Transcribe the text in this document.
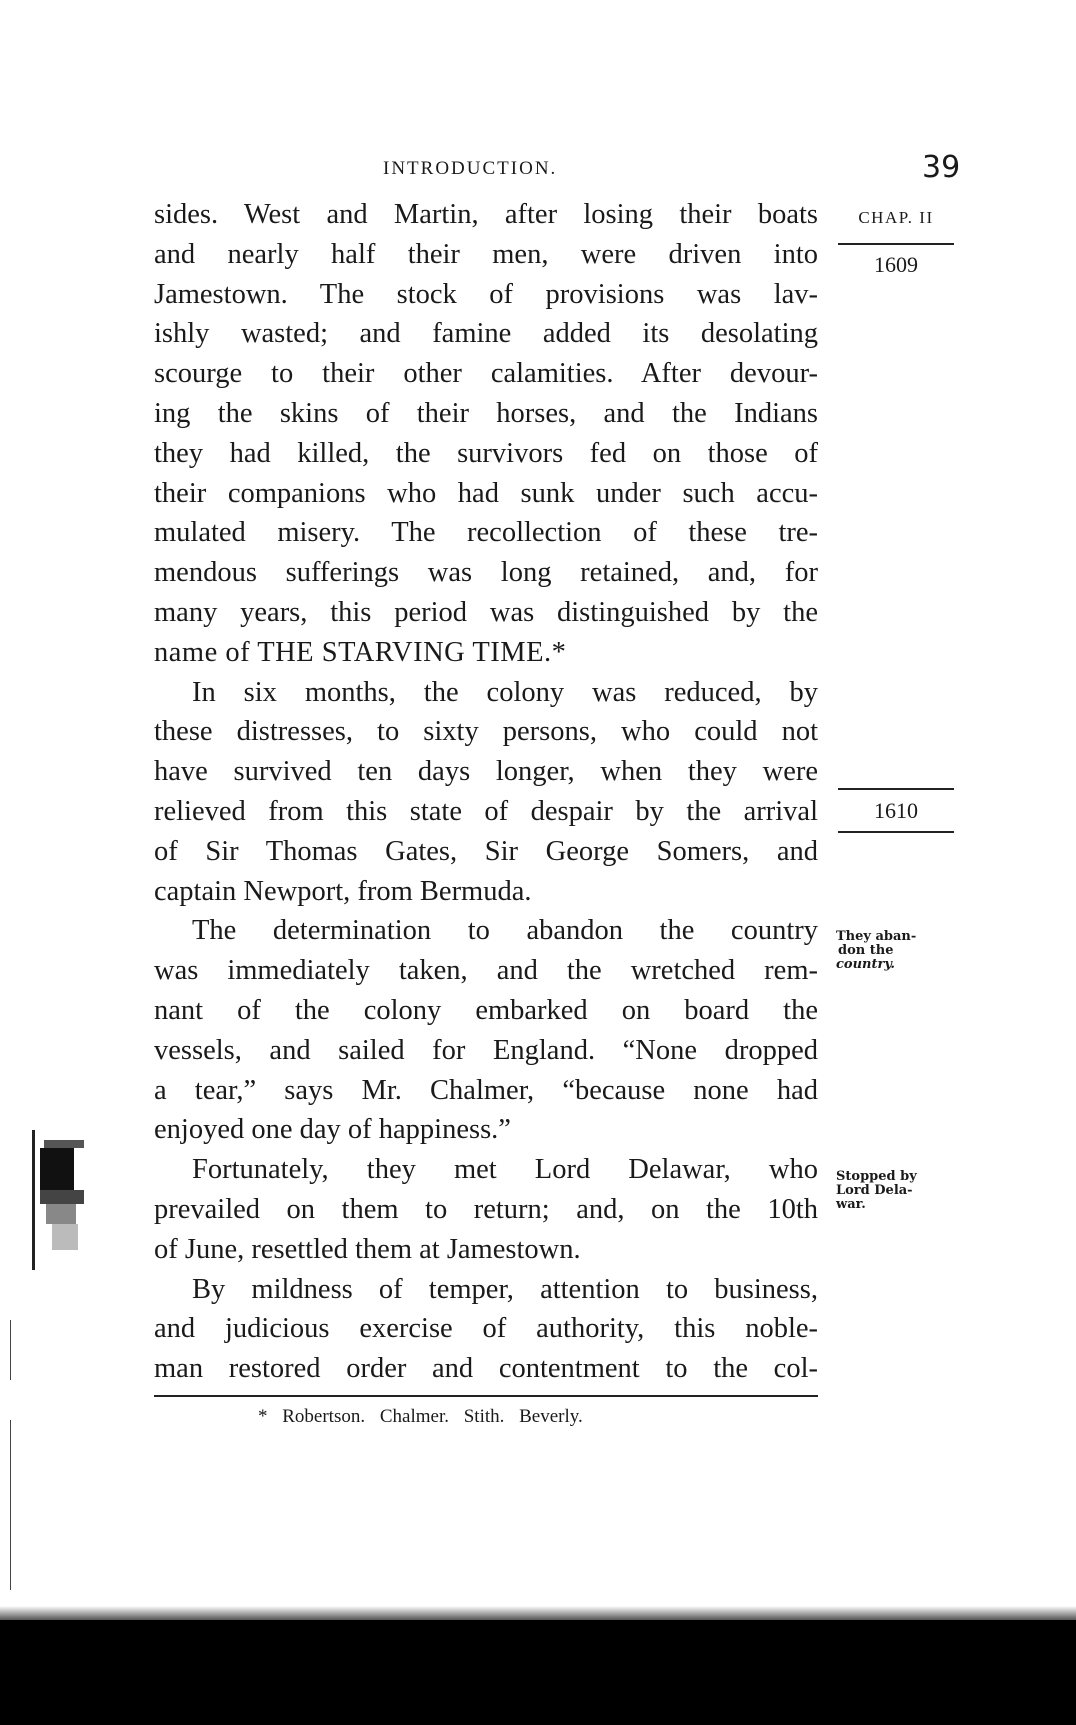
INTRODUCTION.	39
CHAP. II
1609
1610
They aban-
don the
country.
Stopped by
Lord Dela-
war.
sides. West and Martin, after losing their boats
and nearly half their men, were driven into
Jamestown. The stock of provisions was lav-
ishly wasted; and famine added its desolating
scourge to their other calamities. After devour-
ing the skins of their horses, and the Indians
they had killed, the survivors fed on those of
their companions who had sunk under such accu-
mulated misery. The recollection of these tre-
mendous sufferings was long retained, and, for
many years, this period was distinguished by the
name of THE STARVING TIME.*
In six months, the colony was reduced, by
these distresses, to sixty persons, who could not
have survived ten days longer, when they were
relieved from this state of despair by the arrival
of Sir Thomas Gates, Sir George Somers, and
captain Newport, from Bermuda.
The determination to abandon the country
was immediately taken, and the wretched rem-
nant of the colony embarked on board the
vessels, and sailed for England. “None dropped
a tear,” says Mr. Chalmer, “because none had
enjoyed one day of happiness.”
Fortunately, they met Lord Delawar, who
prevailed on them to return; and, on the 10th
of June, resettled them at Jamestown.
By mildness of temper, attention to business,
and judicious exercise of authority, this noble-
man restored order and contentment to the col-
* Robertson. Chalmer. Stith. Beverly.
